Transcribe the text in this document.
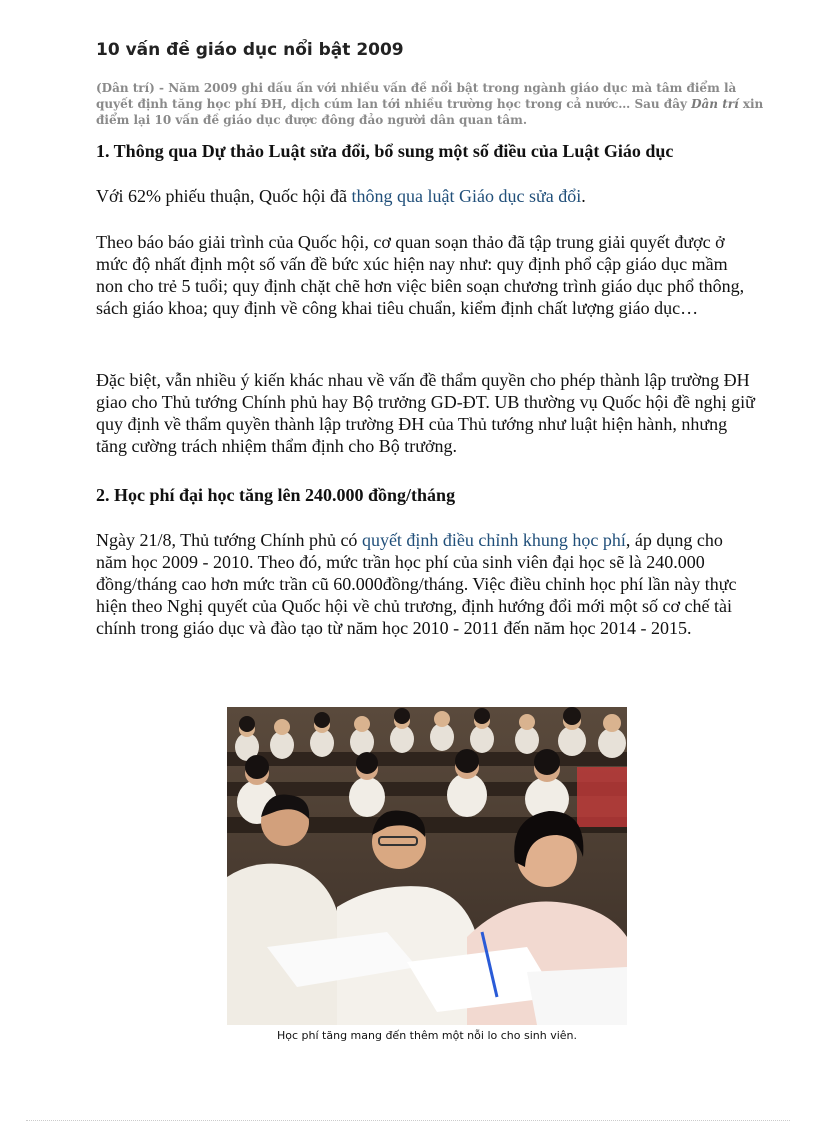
10 vấn đề giáo dục nổi bật 2009
(Dân trí) - Năm 2009 ghi dấu ấn với nhiều vấn đề nổi bật trong ngành giáo dục mà tâm điểm là quyết định tăng học phí ĐH, dịch cúm lan tới nhiều trường học trong cả nước… Sau đây Dân trí xin điểm lại 10 vấn đề giáo dục được đông đảo người dân quan tâm.
1. Thông qua Dự thảo Luật sửa đổi, bổ sung một số điều của Luật Giáo dục
Với 62% phiếu thuận, Quốc hội đã thông qua luật Giáo dục sửa đổi.
Theo báo báo giải trình của Quốc hội, cơ quan soạn thảo đã tập trung giải quyết được ở mức độ nhất định một số vấn đề bức xúc hiện nay như: quy định phổ cập giáo dục mầm non cho trẻ 5 tuổi; quy định chặt chẽ hơn việc biên soạn chương trình giáo dục phổ thông, sách giáo khoa; quy định về công khai tiêu chuẩn, kiểm định chất lượng giáo dục…
Đặc biệt, vẫn nhiều ý kiến khác nhau về vấn đề thẩm quyền cho phép thành lập trường ĐH giao cho Thủ tướng Chính phủ hay Bộ trưởng GD-ĐT. UB thường vụ Quốc hội đề nghị giữ quy định về thẩm quyền thành lập trường ĐH của Thủ tướng như luật hiện hành, nhưng tăng cường trách nhiệm thẩm định cho Bộ trưởng.
2. Học phí đại học tăng lên 240.000 đồng/tháng
Ngày 21/8, Thủ tướng Chính phủ có quyết định điều chỉnh khung học phí, áp dụng cho năm học 2009 - 2010. Theo đó, mức trần học phí của sinh viên đại học sẽ là 240.000 đồng/tháng cao hơn mức trần cũ 60.000đồng/tháng. Việc điều chỉnh học phí lần này thực hiện theo Nghị quyết của Quốc hội về chủ trương, định hướng đổi mới một số cơ chế tài chính trong giáo dục và đào tạo từ năm học 2010 - 2011 đến năm học 2014 - 2015.
Học phí tăng mang đến thêm một nỗi lo cho sinh viên.
